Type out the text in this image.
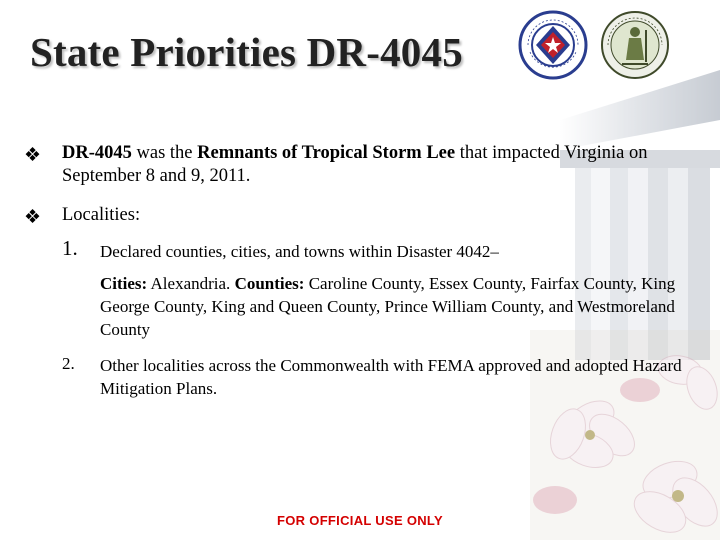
State Priorities DR-4045
❖ DR-4045 was the Remnants of Tropical Storm Lee that impacted Virginia on September 8 and 9, 2011.
❖ Localities:
1. Declared counties, cities, and towns within Disaster 4042–
Cities: Alexandria. Counties: Caroline County, Essex County, Fairfax County, King George County, King and Queen County, Prince William County, and Westmoreland County
2. Other localities across the Commonwealth with FEMA approved and adopted Hazard Mitigation Plans.
FOR OFFICIAL USE ONLY
